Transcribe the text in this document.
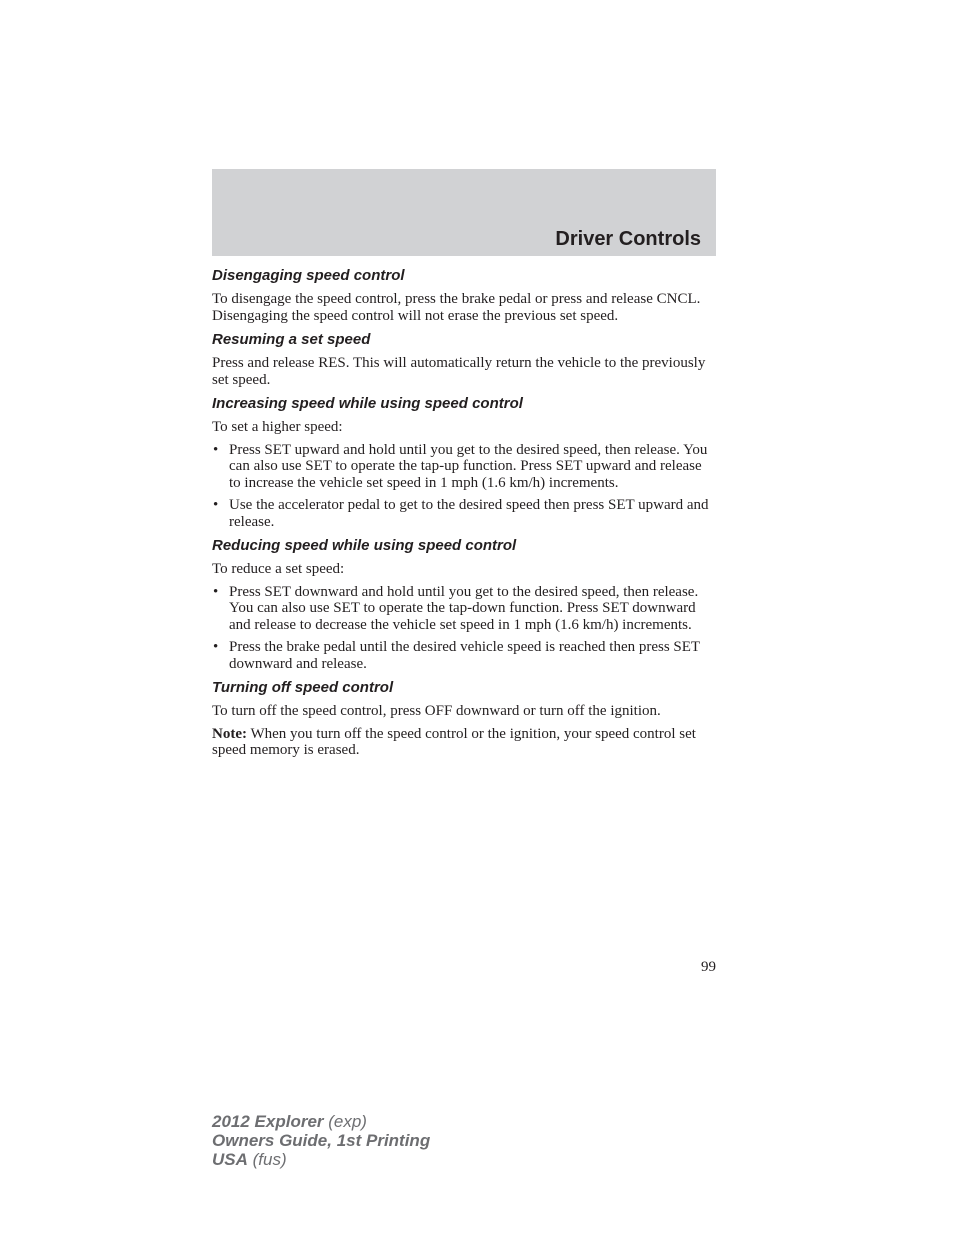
Driver Controls
Disengaging speed control

To disengage the speed control, press the brake pedal or press and release CNCL. Disengaging the speed control will not erase the previous set speed.

Resuming a set speed

Press and release RES. This will automatically return the vehicle to the previously set speed.

Increasing speed while using speed control

To set a higher speed:

• Press SET upward and hold until you get to the desired speed, then release. You can also use SET to operate the tap-up function. Press SET upward and release to increase the vehicle set speed in 1 mph (1.6 km/h) increments.
• Use the accelerator pedal to get to the desired speed then press SET upward and release.
Reducing speed while using speed control

To reduce a set speed:

• Press SET downward and hold until you get to the desired speed, then release. You can also use SET to operate the tap-down function. Press SET downward and release to decrease the vehicle set speed in 1 mph (1.6 km/h) increments.
• Press the brake pedal until the desired vehicle speed is reached then press SET downward and release.
Turning off speed control

To turn off the speed control, press OFF downward or turn off the ignition.

Note: When you turn off the speed control or the ignition, your speed control set speed memory is erased.

99
2012 Explorer (exp)
Owners Guide, 1st Printing
USA (fus)
